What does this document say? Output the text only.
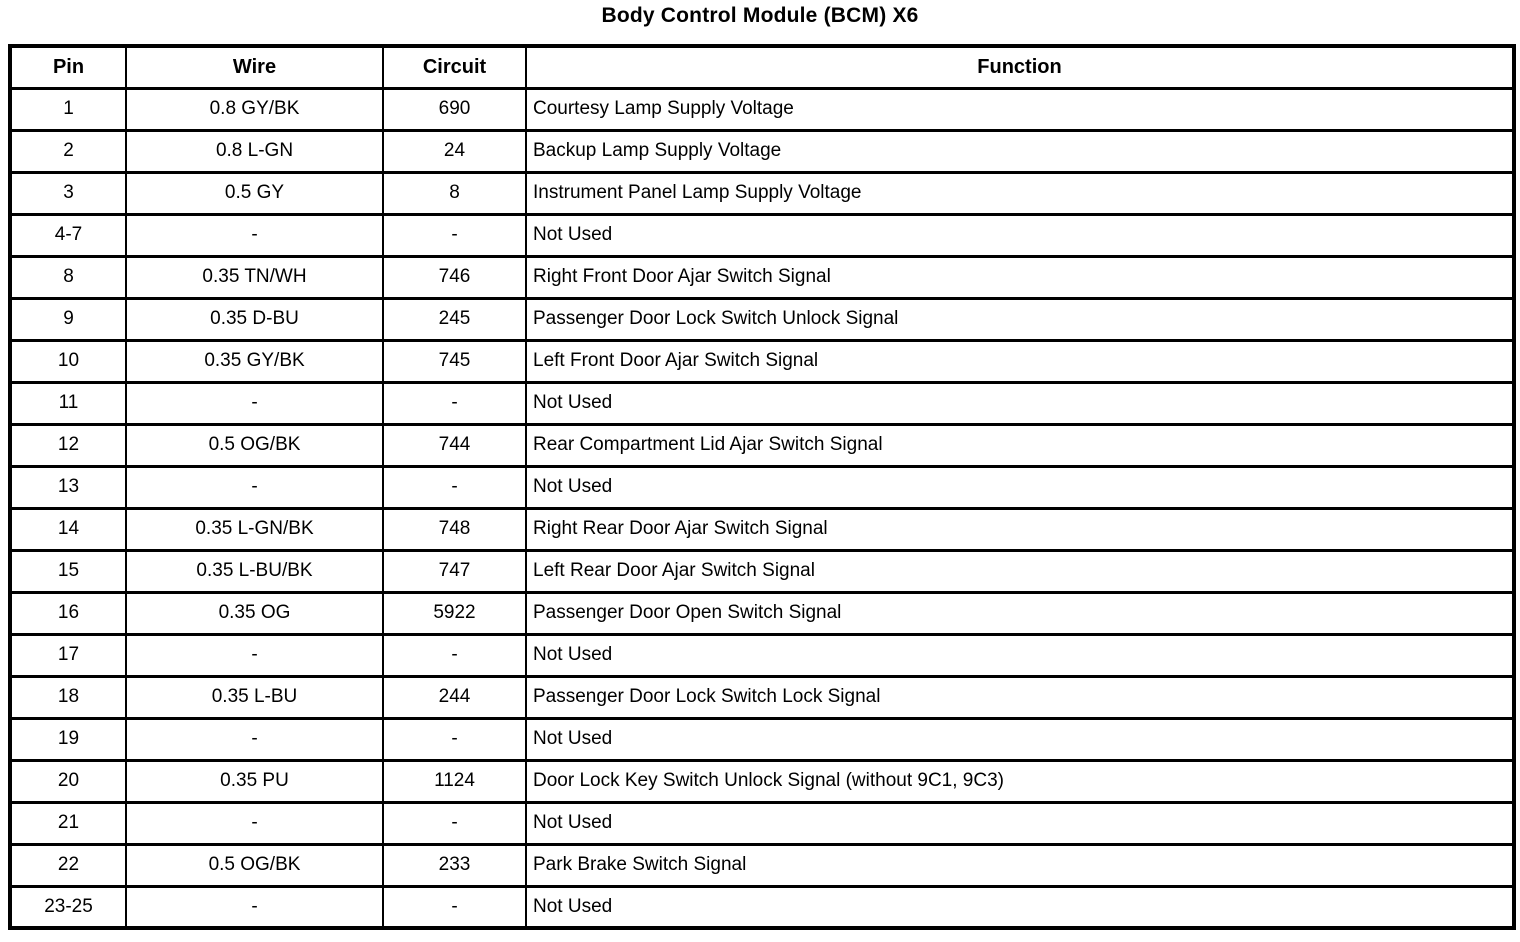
Body Control Module (BCM) X6
Pin	Wire	Circuit	Function
1	0.8 GY/BK	690	Courtesy Lamp Supply Voltage
2	0.8 L-GN	24	Backup Lamp Supply Voltage
3	0.5 GY	8	Instrument Panel Lamp Supply Voltage
4-7	-	-	Not Used
8	0.35 TN/WH	746	Right Front Door Ajar Switch Signal
9	0.35 D-BU	245	Passenger Door Lock Switch Unlock Signal
10	0.35 GY/BK	745	Left Front Door Ajar Switch Signal
11	-	-	Not Used
12	0.5 OG/BK	744	Rear Compartment Lid Ajar Switch Signal
13	-	-	Not Used
14	0.35 L-GN/BK	748	Right Rear Door Ajar Switch Signal
15	0.35 L-BU/BK	747	Left Rear Door Ajar Switch Signal
16	0.35 OG	5922	Passenger Door Open Switch Signal
17	-	-	Not Used
18	0.35 L-BU	244	Passenger Door Lock Switch Lock Signal
19	-	-	Not Used
20	0.35 PU	1124	Door Lock Key Switch Unlock Signal (without 9C1, 9C3)
21	-	-	Not Used
22	0.5 OG/BK	233	Park Brake Switch Signal
23-25	-	-	Not Used
